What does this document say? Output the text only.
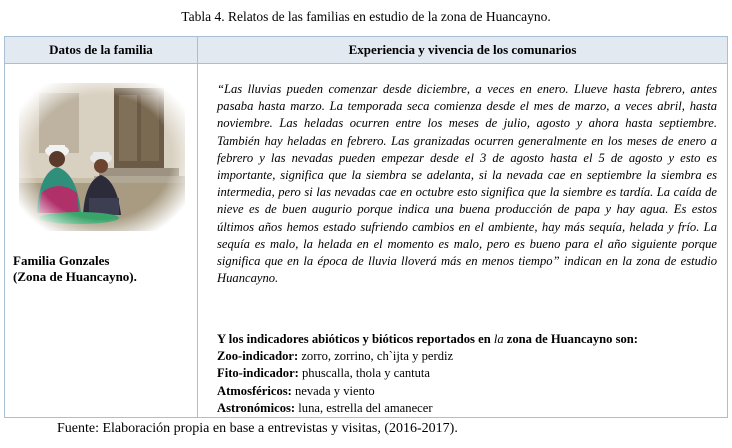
Tabla 4. Relatos de las familias en estudio de la zona de Huancayno.
Datos de la familia	Experiencia y vivencia de los comunarios
Familia Gonzales
(Zona de Huancayno).
“Las lluvias pueden comenzar desde diciembre, a veces en enero. Llueve hasta febrero, antes pasaba hasta marzo. La temporada seca comienza desde el mes de marzo, a veces abril, hasta noviembre. Las heladas ocurren entre los meses de julio, agosto y ahora hasta septiembre. También hay heladas en febrero. Las granizadas ocurren generalmente en los meses de enero a febrero y las nevadas pueden empezar desde el 3 de agosto hasta el 5 de agosto y esto es importante, significa que la siembra se adelanta, si la nevada cae en septiembre la siembra es intermedia, pero si las nevadas cae en octubre esto significa que la siembre es tardía. La caída de nieve es de buen augurio porque indica una buena producción de papa y hay agua. Es estos últimos años hemos estado sufriendo cambios en el ambiente, hay más sequía, helada y frío. La sequía es malo, la helada en el momento es malo, pero es bueno para el año siguiente porque significa que en la época de lluvia lloverá más en menos tiempo” indican en la zona de estudio Huancayno.
Y los indicadores abióticos y bióticos reportados en la zona de Huancayno son:
Zoo-indicador: zorro, zorrino, ch`ijta y perdiz
Fito-indicador: phuscalla, thola y cantuta
Atmosféricos: nevada y viento
Astronómicos: luna, estrella del amanecer
Fuente: Elaboración propia en base a entrevistas y visitas, (2016-2017).
